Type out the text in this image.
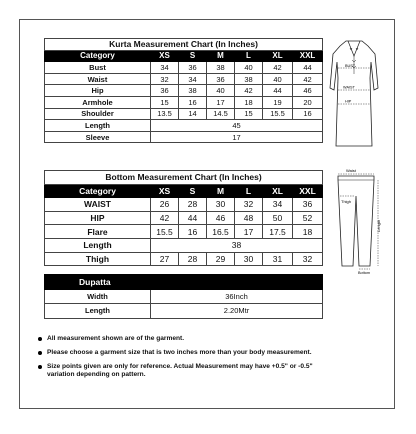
Kurta Measurement Chart (In Inches)						
Category	XS	S	M	L	XL	XXL
Bust	34	36	38	40	42	44
Waist	32	34	36	38	40	42
Hip	36	38	40	42	44	46
Armhole	15	16	17	18	19	20
Shoulder	13.5	14	14.5	15	15.5	16
Length	45					
Sleeve	17					
BUST
WAIST
HIP
Bottom Measurement Chart (In Inches)						
Category	XS	S	M	L	XL	XXL
WAIST	26	28	30	32	34	36
HIP	42	44	46	48	50	52
Flare	15.5	16	16.5	17	17.5	18
Length	38					
Thigh	27	28	29	30	31	32
Waist
Thigh
Length
Bottom
Dupatta	
Width	36Inch
Length	2.20Mtr
All measurement shown are of the garment.
Please choose a garment size that is two inches more than your body measurement.
Size points given are only for reference. Actual Measurement may have +0.5" or -0.5" variation depending on pattern.
